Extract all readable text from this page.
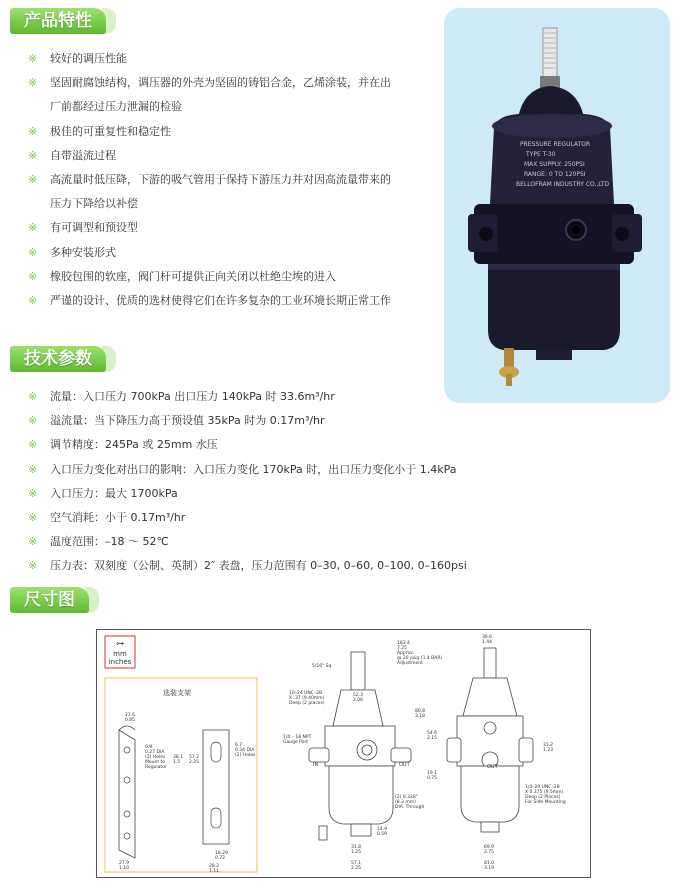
产品特性
※ 较好的调压性能
※ 坚固耐腐蚀结构，调压器的外壳为坚固的铸铝合金，乙烯涂装，并在出
厂前都经过压力泄漏的检验
※ 极佳的可重复性和稳定性
※ 自带溢流过程
※ 高流量时低压降，下游的吸气管用于保持下游压力并对因高流量带来的
压力下降给以补偿
※ 有可调型和预设型
※ 多种安装形式
※ 橡胶包围的软座，阀门杆可提供正向关闭以杜绝尘埃的进入
※ 严谨的设计、优质的选材使得它们在许多复杂的工业环境长期正常工作
PRESSURE REGULATOR
TYPE T-30
MAX SUPPLY: 250PSI
RANGE: 0 TO 120PSI
BELLOFRAM INDUSTRY CO.,LTD
技术参数
※ 流量：入口压力 700kPa 出口压力 140kPa 时 33.6m³/hr
※ 溢流量：当下降压力高于预设值 35kPa 时为 0.17m³/hr
※ 调节精度：245Pa 或 25mm 水压
※ 入口压力变化对出口的影响：入口压力变化 170kPa 时，出口压力变化小于 1.4kPa
※ 入口压力：最大 1700kPa
※ 空气消耗：小于 0.17m³/hr
※ 温度范围：–18 ～ 52℃
※ 压力表：双刻度（公制、英制）2″ 表盘，压力范围有 0–30, 0–60, 0–100, 0–160psi
尺寸图
⊶
mm
inches
选装支架
21.6
0.85
6.9
0.27 DIA
(2) Holes
Mount to
Regulator
38.1
1.5
57.2
2.25
27.9
1.10
6.7
0.34 DIA
(2) Holes
18.29
0.72
28.2
1.11
5/16" Sq
10–24 UNC–2B
X .37 (9.40mm)
Deep (2 places)
1/4 – 18 NPT
Gauge Port
IN	OUT
(2) 0.328"
(8.3 mm)
DIA. Through
183.4
7.25
Approx.
@ 20 psig (1.4 BAR)
Adjustment
52.3
2.06
80.8
3.18
54.6
2.15
19.1
0.75
14.9
0.59
31.8
1.25
57.1
2.25
OUT
36.6
1.44
31.2
1.23
1/4–20 UNC–2B
X 0.375 (9.5mm)
Deep (2 Places)
For Side Mounting
69.9
2.75
81.0
3.19
